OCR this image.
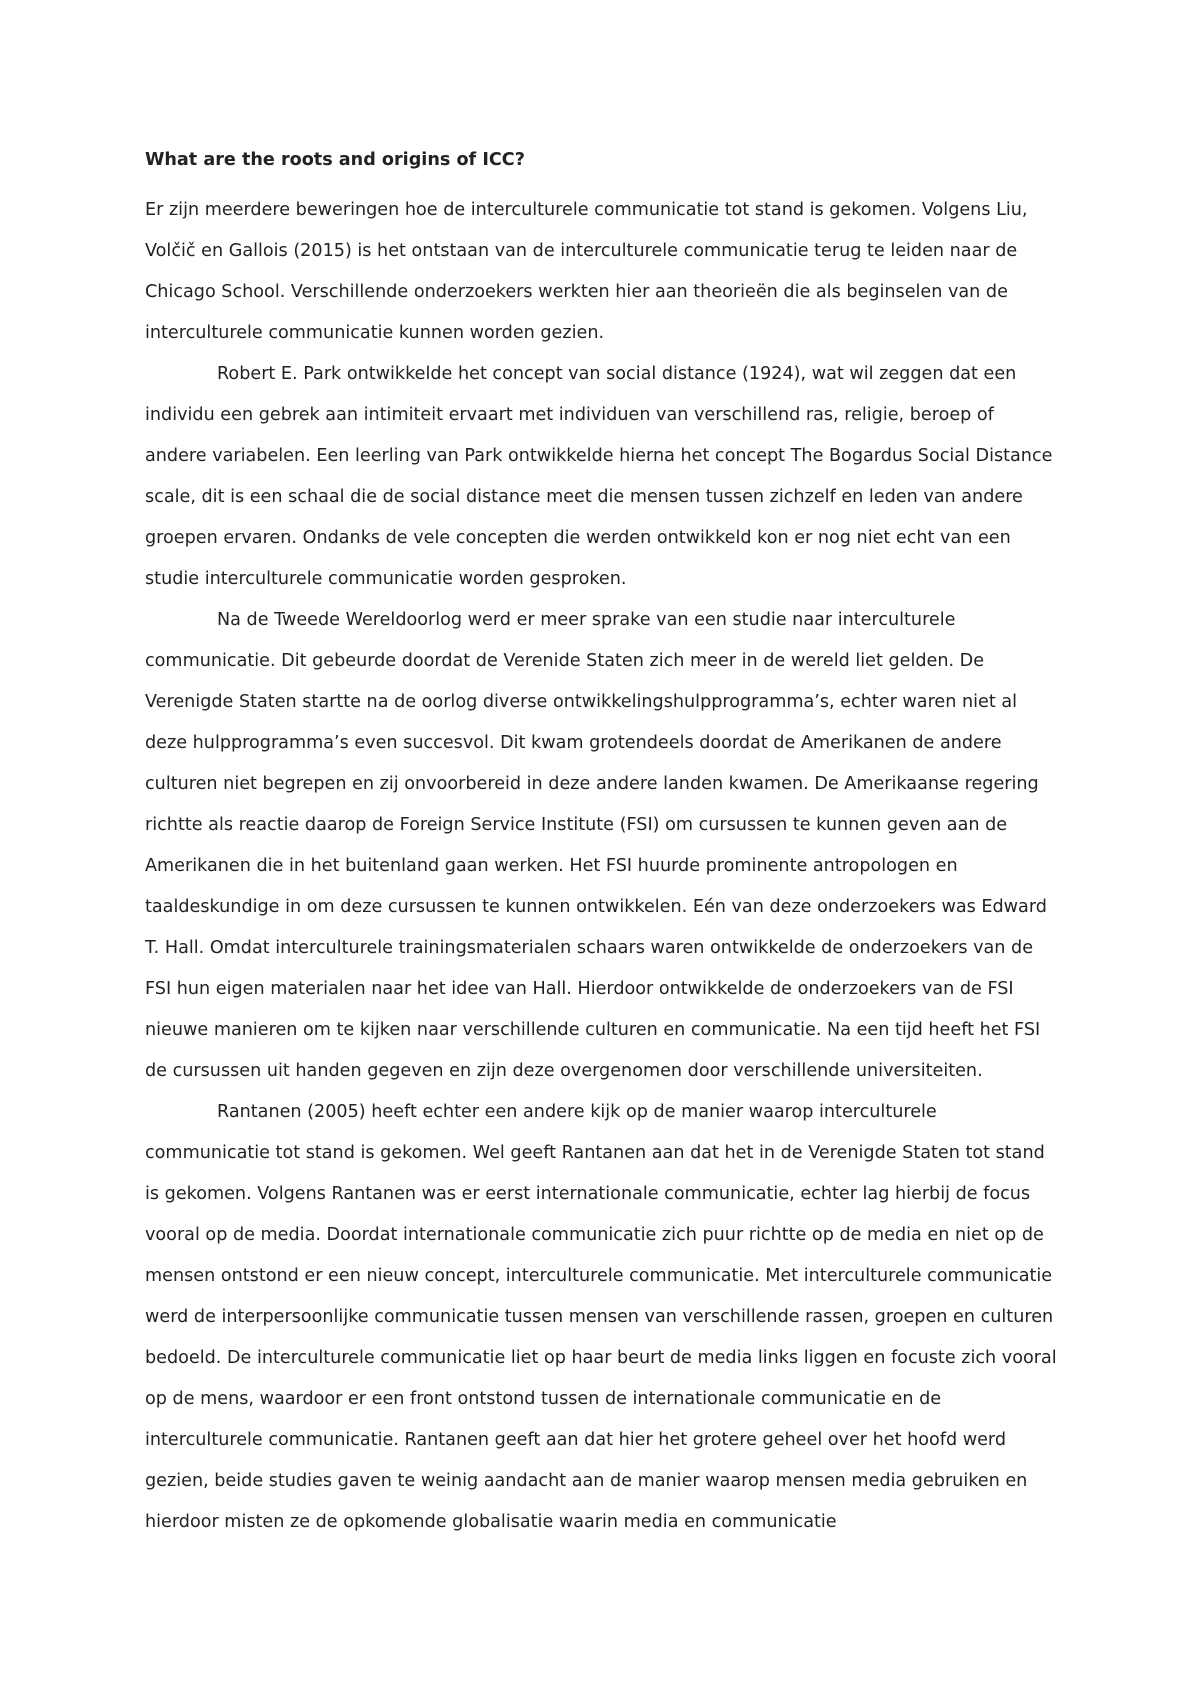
What are the roots and origins of ICC?

Er zijn meerdere beweringen hoe de interculturele communicatie tot stand is gekomen. Volgens Liu, Volčič en Gallois (2015) is het ontstaan van de interculturele communicatie terug te leiden naar de Chicago School. Verschillende onderzoekers werkten hier aan theorieën die als beginselen van de interculturele communicatie kunnen worden gezien.

Robert E. Park ontwikkelde het concept van social distance (1924), wat wil zeggen dat een individu een gebrek aan intimiteit ervaart met individuen van verschillend ras, religie, beroep of andere variabelen. Een leerling van Park ontwikkelde hierna het concept The Bogardus Social Distance scale, dit is een schaal die de social distance meet die mensen tussen zichzelf en leden van andere groepen ervaren. Ondanks de vele concepten die werden ontwikkeld kon er nog niet echt van een studie interculturele communicatie worden gesproken.

Na de Tweede Wereldoorlog werd er meer sprake van een studie naar interculturele communicatie. Dit gebeurde doordat de Verenide Staten zich meer in de wereld liet gelden. De Verenigde Staten startte na de oorlog diverse ontwikkelingshulpprogramma’s, echter waren niet al deze hulpprogramma’s even succesvol. Dit kwam grotendeels doordat de Amerikanen de andere culturen niet begrepen en zij onvoorbereid in deze andere landen kwamen. De Amerikaanse regering richtte als reactie daarop de Foreign Service Institute (FSI) om cursussen te kunnen geven aan de Amerikanen die in het buitenland gaan werken. Het FSI huurde prominente antropologen en taaldeskundige in om deze cursussen te kunnen ontwikkelen. Eén van deze onderzoekers was Edward T. Hall. Omdat interculturele trainingsmaterialen schaars waren ontwikkelde de onderzoekers van de FSI hun eigen materialen naar het idee van Hall. Hierdoor ontwikkelde de onderzoekers van de FSI nieuwe manieren om te kijken naar verschillende culturen en communicatie. Na een tijd heeft het FSI de cursussen uit handen gegeven en zijn deze overgenomen door verschillende universiteiten.

Rantanen (2005) heeft echter een andere kijk op de manier waarop interculturele communicatie tot stand is gekomen. Wel geeft Rantanen aan dat het in de Verenigde Staten tot stand is gekomen. Volgens Rantanen was er eerst internationale communicatie, echter lag hierbij de focus vooral op de media. Doordat internationale communicatie zich puur richtte op de media en niet op de mensen ontstond er een nieuw concept, interculturele communicatie. Met interculturele communicatie werd de interpersoonlijke communicatie tussen mensen van verschillende rassen, groepen en culturen bedoeld. De interculturele communicatie liet op haar beurt de media links liggen en focuste zich vooral op de mens, waardoor er een front ontstond tussen de internationale communicatie en de interculturele communicatie. Rantanen geeft aan dat hier het grotere geheel over het hoofd werd gezien, beide studies gaven te weinig aandacht aan de manier waarop mensen media gebruiken en hierdoor misten ze de opkomende globalisatie waarin media en communicatie
